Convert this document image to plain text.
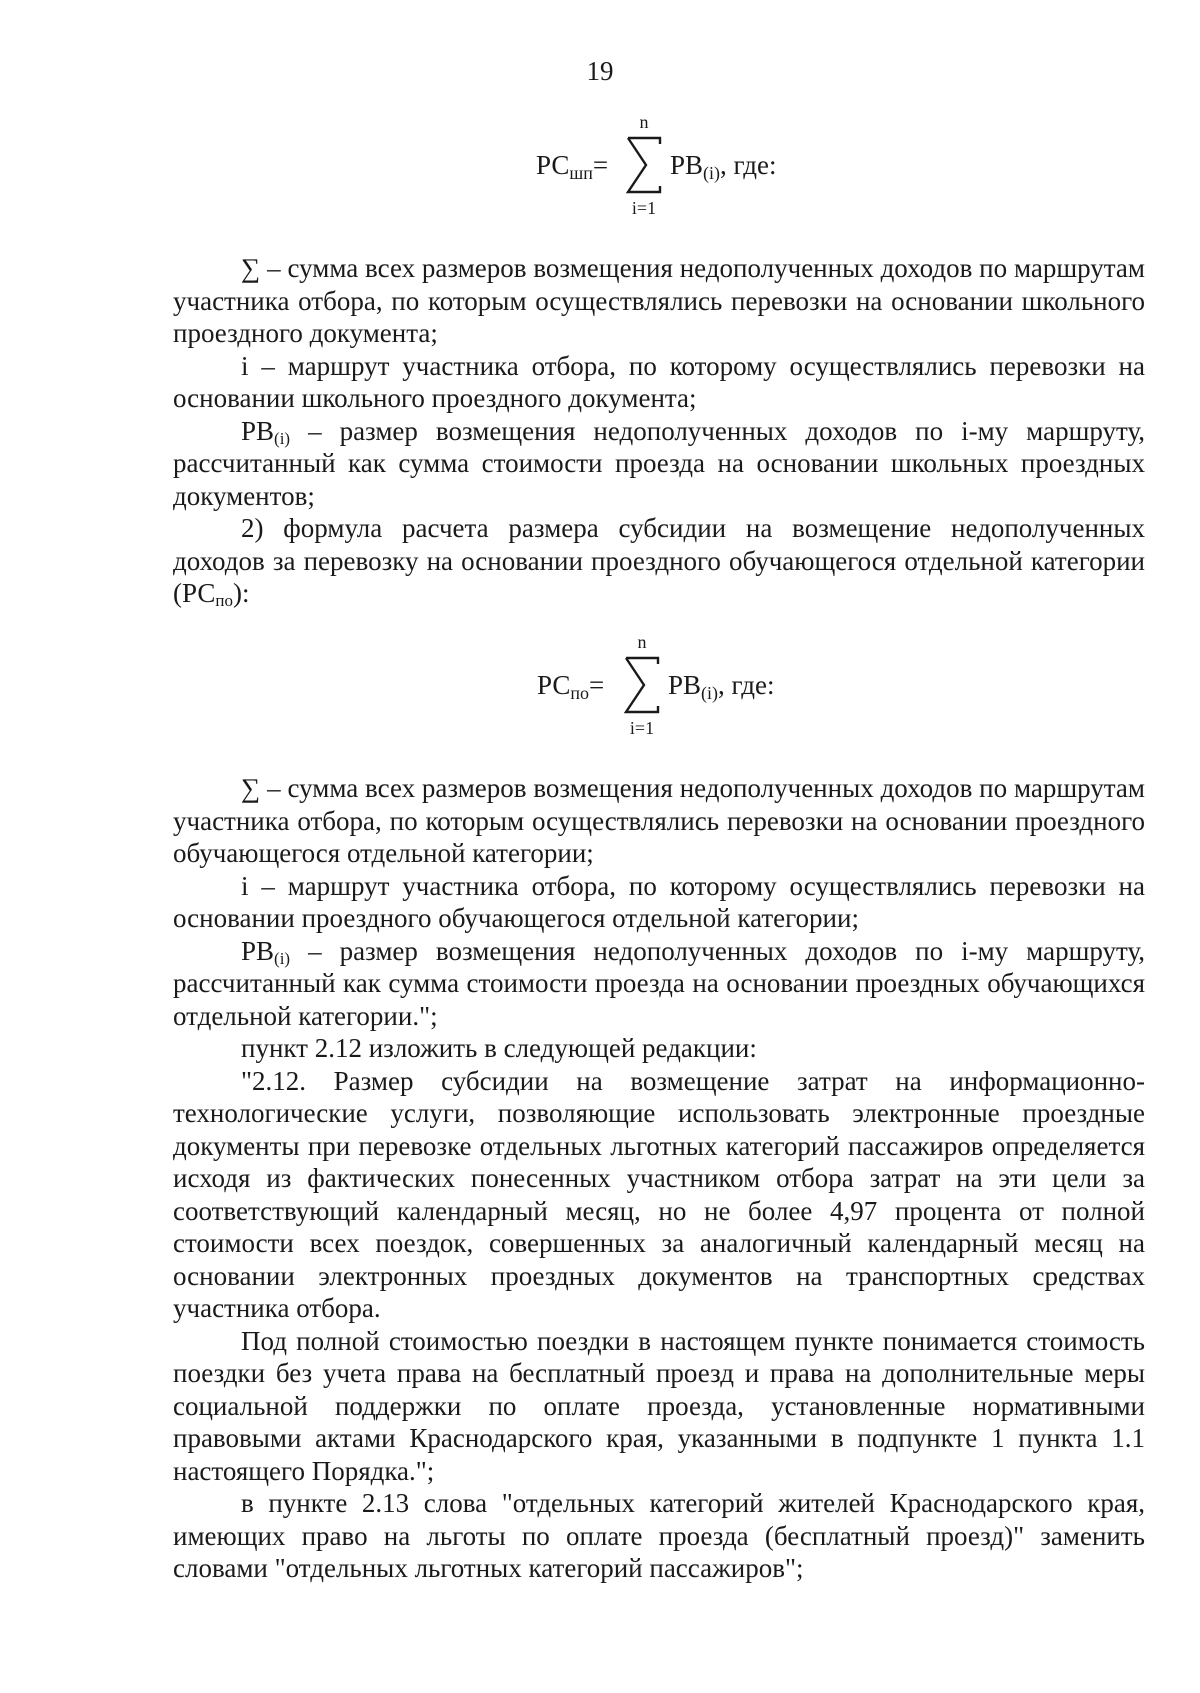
19
$РС_{шп}=$
n
i=1
$РВ_{(i)}$, где:

∑ – сумма всех размеров возмещения недополученных доходов по маршрутам участника отбора, по которым осуществлялись перевозки на основании школьного проездного документа;

i – маршрут участника отбора, по которому осуществлялись перевозки на основании школьного проездного документа;

$РВ_{(i)}$ – размер возмещения недополученных доходов по i-му маршруту, рассчитанный как сумма стоимости проезда на основании школьных проездных документов;

2) формула расчета размера субсидии на возмещение недополученных доходов за перевозку на основании проездного обучающегося отдельной категории $(РС_{по})$:

$РС_{по}=$
n
i=1
$РВ_{(i)}$, где:

∑ – сумма всех размеров возмещения недополученных доходов по маршрутам участника отбора, по которым осуществлялись перевозки на основании проездного обучающегося отдельной категории;

i – маршрут участника отбора, по которому осуществлялись перевозки на основании проездного обучающегося отдельной категории;

$РВ_{(i)}$ – размер возмещения недополученных доходов по i-му маршруту, рассчитанный как сумма стоимости проезда на основании проездных обучающихся отдельной категории.";

пункт 2.12 изложить в следующей редакции:

"2.12. Размер субсидии на возмещение затрат на информационно-технологические услуги, позволяющие использовать электронные проездные документы при перевозке отдельных льготных категорий пассажиров определяется исходя из фактических понесенных участником отбора затрат на эти цели за соответствующий календарный месяц, но не более 4,97 процента от полной стоимости всех поездок, совершенных за аналогичный календарный месяц на основании электронных проездных документов на транспортных средствах участника отбора.

Под полной стоимостью поездки в настоящем пункте понимается стоимость поездки без учета права на бесплатный проезд и права на дополнительные меры социальной поддержки по оплате проезда, установленные нормативными правовыми актами Краснодарского края, указанными в подпункте 1 пункта 1.1 настоящего Порядка.";

в пункте 2.13 слова "отдельных категорий жителей Краснодарского края, имеющих право на льготы по оплате проезда (бесплатный проезд)" заменить словами "отдельных льготных категорий пассажиров";
